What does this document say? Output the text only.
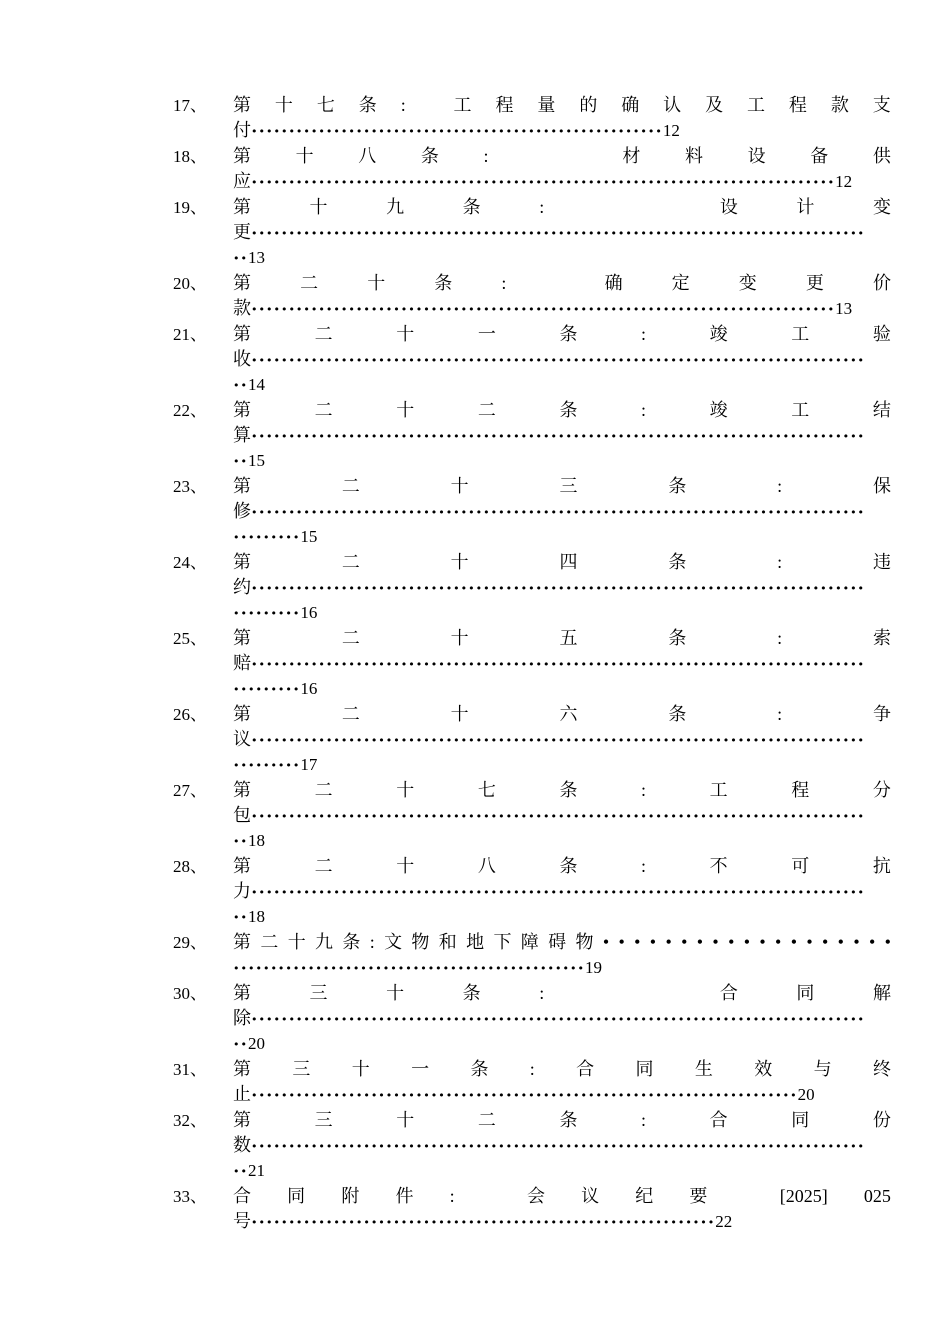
17、 第 十 七 条 :	工 程 量 的 确 认 及 工 程 款 支
付•••••••••••••••••••••••••••••••••••••••••••••••••••••••12
18、 第 十 八 条 :	材 料 设 备 供
应••••••••••••••••••••••••••••••••••••••••••••••••••••••••••••••••••••••••••••••12
19、 第	十	九	条	:	设	计	变
更••••••••••••••••••••••••••••••••••••••••••••••••••••••••••••••••••••••••••••••••••
••13
20、 第	二	十	条	:	确	定	变	更	价
款••••••••••••••••••••••••••••••••••••••••••••••••••••••••••••••••••••••••••••••13
21、 第	二	十	一	条	:	竣	工	验
收••••••••••••••••••••••••••••••••••••••••••••••••••••••••••••••••••••••••••••••••••
••14
22、 第	二	十	二	条	:	竣	工	结
算••••••••••••••••••••••••••••••••••••••••••••••••••••••••••••••••••••••••••••••••••
••15
23、 第	二	十	三	条	:	保
修••••••••••••••••••••••••••••••••••••••••••••••••••••••••••••••••••••••••••••••••••
•••••••••15
24、 第	二	十	四	条	:	违
约••••••••••••••••••••••••••••••••••••••••••••••••••••••••••••••••••••••••••••••••••
•••••••••16
25、 第	二	十	五	条	:	索
赔••••••••••••••••••••••••••••••••••••••••••••••••••••••••••••••••••••••••••••••••••
•••••••••16
26、 第	二	十	六	条	:	争
议••••••••••••••••••••••••••••••••••••••••••••••••••••••••••••••••••••••••••••••••••
•••••••••17
27、 第	二	十	七	条	:	工	程	分
包••••••••••••••••••••••••••••••••••••••••••••••••••••••••••••••••••••••••••••••••••
••18
28、 第	二	十	八	条	:	不	可	抗
力••••••••••••••••••••••••••••••••••••••••••••••••••••••••••••••••••••••••••••••••••
••18
29、 第 二 十 九 条 : 文 物 和 地 下 障 碍 物 • • • • • • • • • • • • • • • • • • •
•••••••••••••••••••••••••••••••••••••••••••••••19
30、 第	三	十	条	:	合	同	解
除••••••••••••••••••••••••••••••••••••••••••••••••••••••••••••••••••••••••••••••••••
••20
31、 第 三 十 一 条 : 合 同 生 效 与 终
止•••••••••••••••••••••••••••••••••••••••••••••••••••••••••••••••••••••••••20
32、 第	三	十	二	条	:	合	同	份
数••••••••••••••••••••••••••••••••••••••••••••••••••••••••••••••••••••••••••••••••••
••21
33、 合 同 附 件 :	会 议 纪 要	[2025] 025
号••••••••••••••••••••••••••••••••••••••••••••••••••••••••••••••22
